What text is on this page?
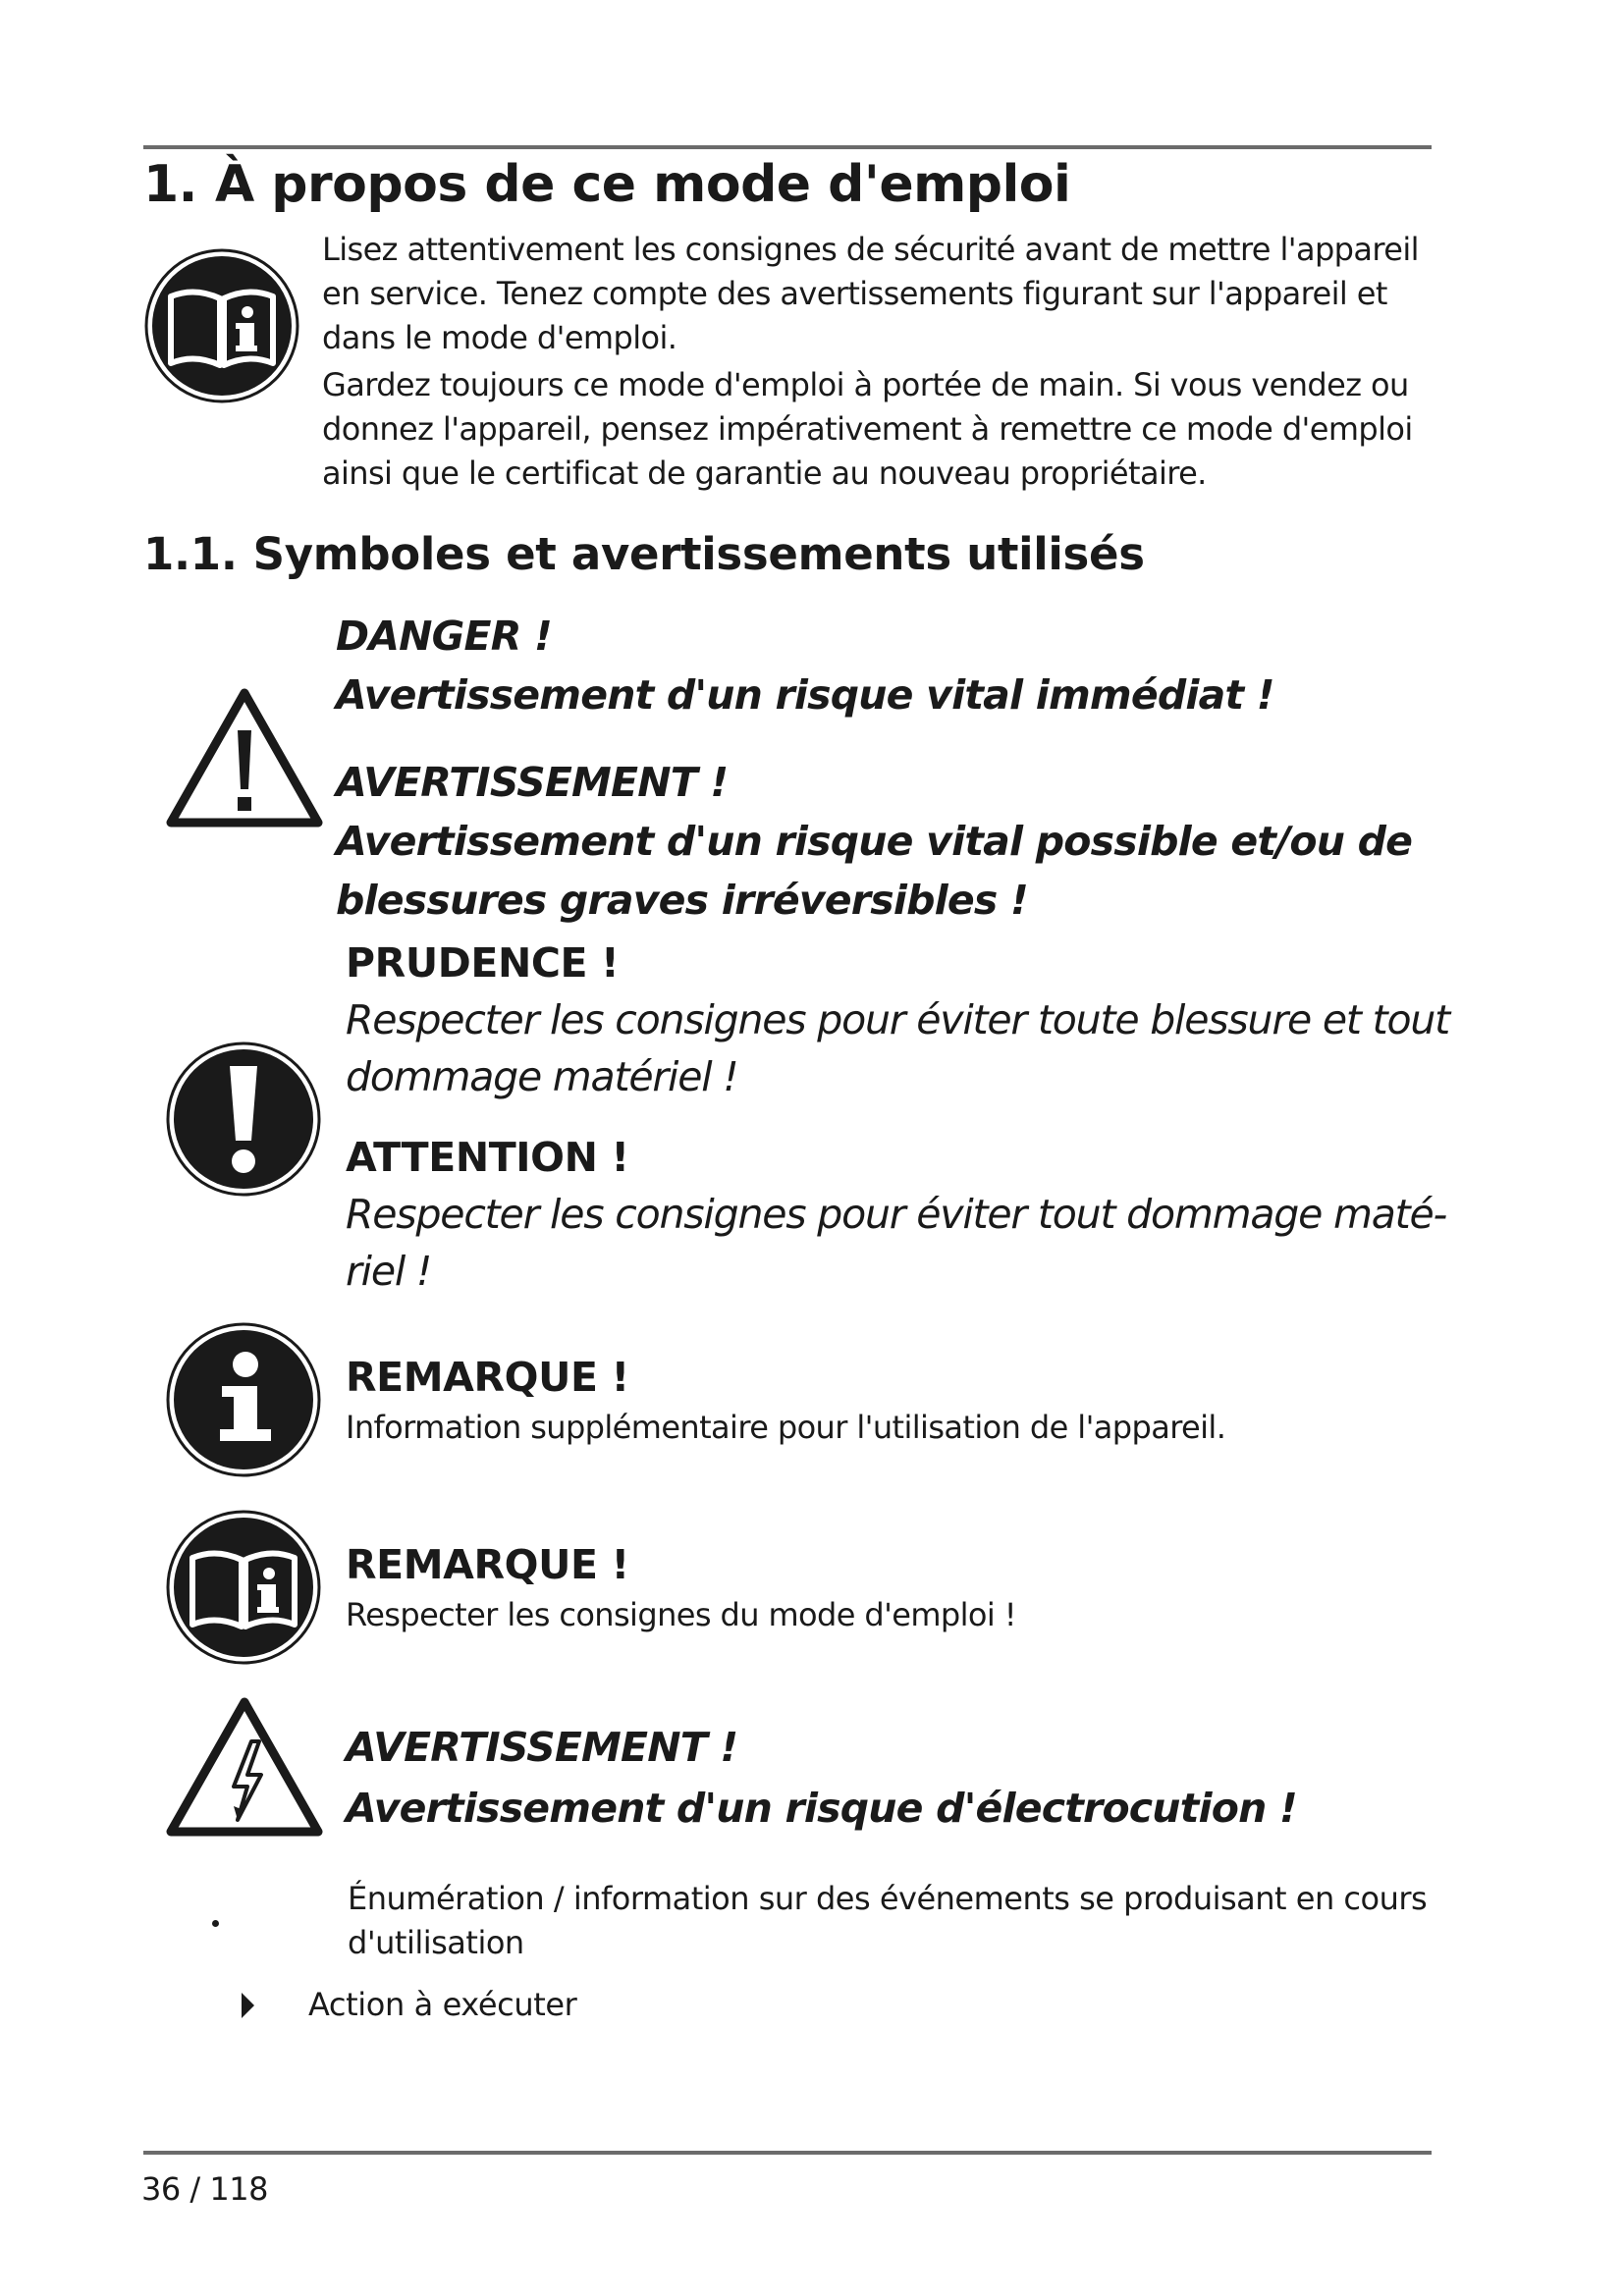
1. À propos de ce mode d'emploi

Lisez attentivement les consignes de sécurité avant de mettre l'appareil en service. Tenez compte des avertissements figurant sur l'appareil et dans le mode d'emploi.

Gardez toujours ce mode d'emploi à portée de main. Si vous vendez ou donnez l'appareil, pensez impérativement à remettre ce mode d'emploi ainsi que le certificat de garantie au nouveau propriétaire.

1.1. Symboles et avertissements utilisés
DANGER !
Avertissement d'un risque vital immédiat !
AVERTISSEMENT !
Avertissement d'un risque vital possible et/ou de
blessures graves irréversibles !
PRUDENCE !
Respecter les consignes pour éviter toute blessure et tout
dommage matériel !
ATTENTION !
Respecter les consignes pour éviter tout dommage maté-
riel !
REMARQUE !
Information supplémentaire pour l'utilisation de l'appareil.
REMARQUE !
Respecter les consignes du mode d'emploi !
AVERTISSEMENT !
Avertissement d'un risque d'électrocution !
Énumération / information sur des événements se produisant en cours d'utilisation
Action à exécuter
36 / 118
